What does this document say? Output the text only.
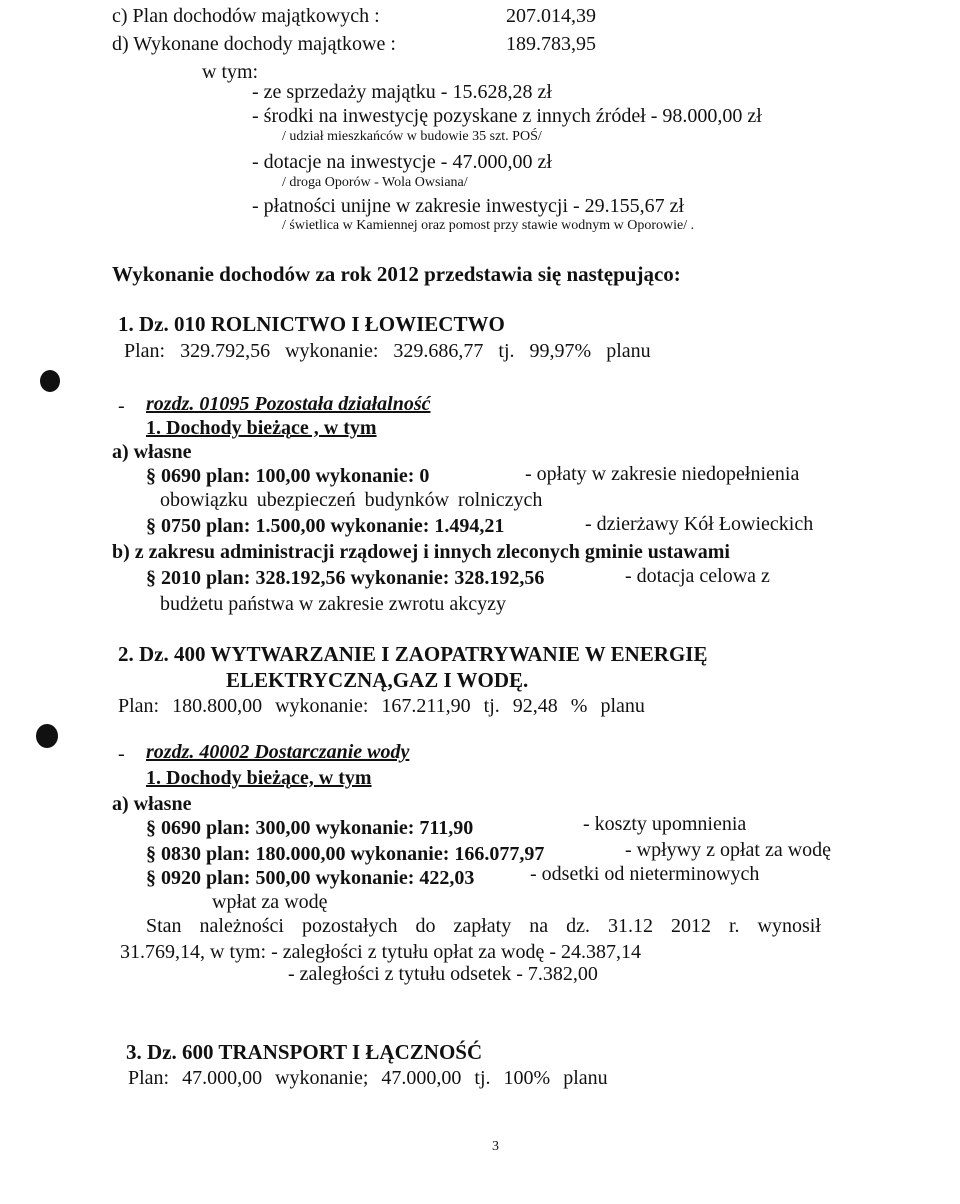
c) Plan dochodów majątkowych :	207.014,39
d) Wykonane dochody majątkowe :	189.783,95
w tym:
- ze sprzedaży majątku - 15.628,28 zł
- środki na inwestycję pozyskane z innych źródeł - 98.000,00 zł
/ udział mieszkańców w budowie 35 szt. POŚ/
- dotacje na inwestycje - 47.000,00 zł
/ droga Oporów - Wola Owsiana/
- płatności unijne w zakresie inwestycji - 29.155,67 zł
/ świetlica w Kamiennej oraz pomost przy stawie wodnym w Oporowie/ .
Wykonanie dochodów za rok 2012 przedstawia się następująco:
1. Dz. 010 ROLNICTWO I ŁOWIECTWO
Plan: 329.792,56 wykonanie: 329.686,77 tj. 99,97% planu
- rozdz. 01095 Pozostała działalność
1. Dochody bieżące , w tym
a) własne
§ 0690 plan: 100,00 wykonanie: 0	- opłaty w zakresie niedopełnienia
obowiązku ubezpieczeń budynków rolniczych
§ 0750 plan: 1.500,00 wykonanie: 1.494,21	- dzierżawy Kół Łowieckich
b) z zakresu administracji rządowej i innych zleconych gminie ustawami
§ 2010 plan: 328.192,56 wykonanie: 328.192,56	- dotacja celowa z
budżetu państwa w zakresie zwrotu akcyzy
2. Dz. 400 WYTWARZANIE I ZAOPATRYWANIE W ENERGIĘ
ELEKTRYCZNĄ,GAZ I WODĘ.
Plan: 180.800,00 wykonanie: 167.211,90 tj. 92,48 % planu
- rozdz. 40002 Dostarczanie wody
1. Dochody bieżące, w tym
a) własne
§ 0690 plan: 300,00 wykonanie: 711,90	- koszty upomnienia
§ 0830 plan: 180.000,00 wykonanie: 166.077,97	- wpływy z opłat za wodę
§ 0920 plan: 500,00 wykonanie: 422,03	- odsetki od nieterminowych
wpłat za wodę
Stan należności pozostałych do zapłaty na dz. 31.12 2012 r. wynosił
31.769,14, w tym: - zaległości z tytułu opłat za wodę - 24.387,14
- zaległości z tytułu odsetek - 7.382,00
3. Dz. 600 TRANSPORT I ŁĄCZNOŚĆ
Plan: 47.000,00 wykonanie; 47.000,00 tj. 100% planu
3
